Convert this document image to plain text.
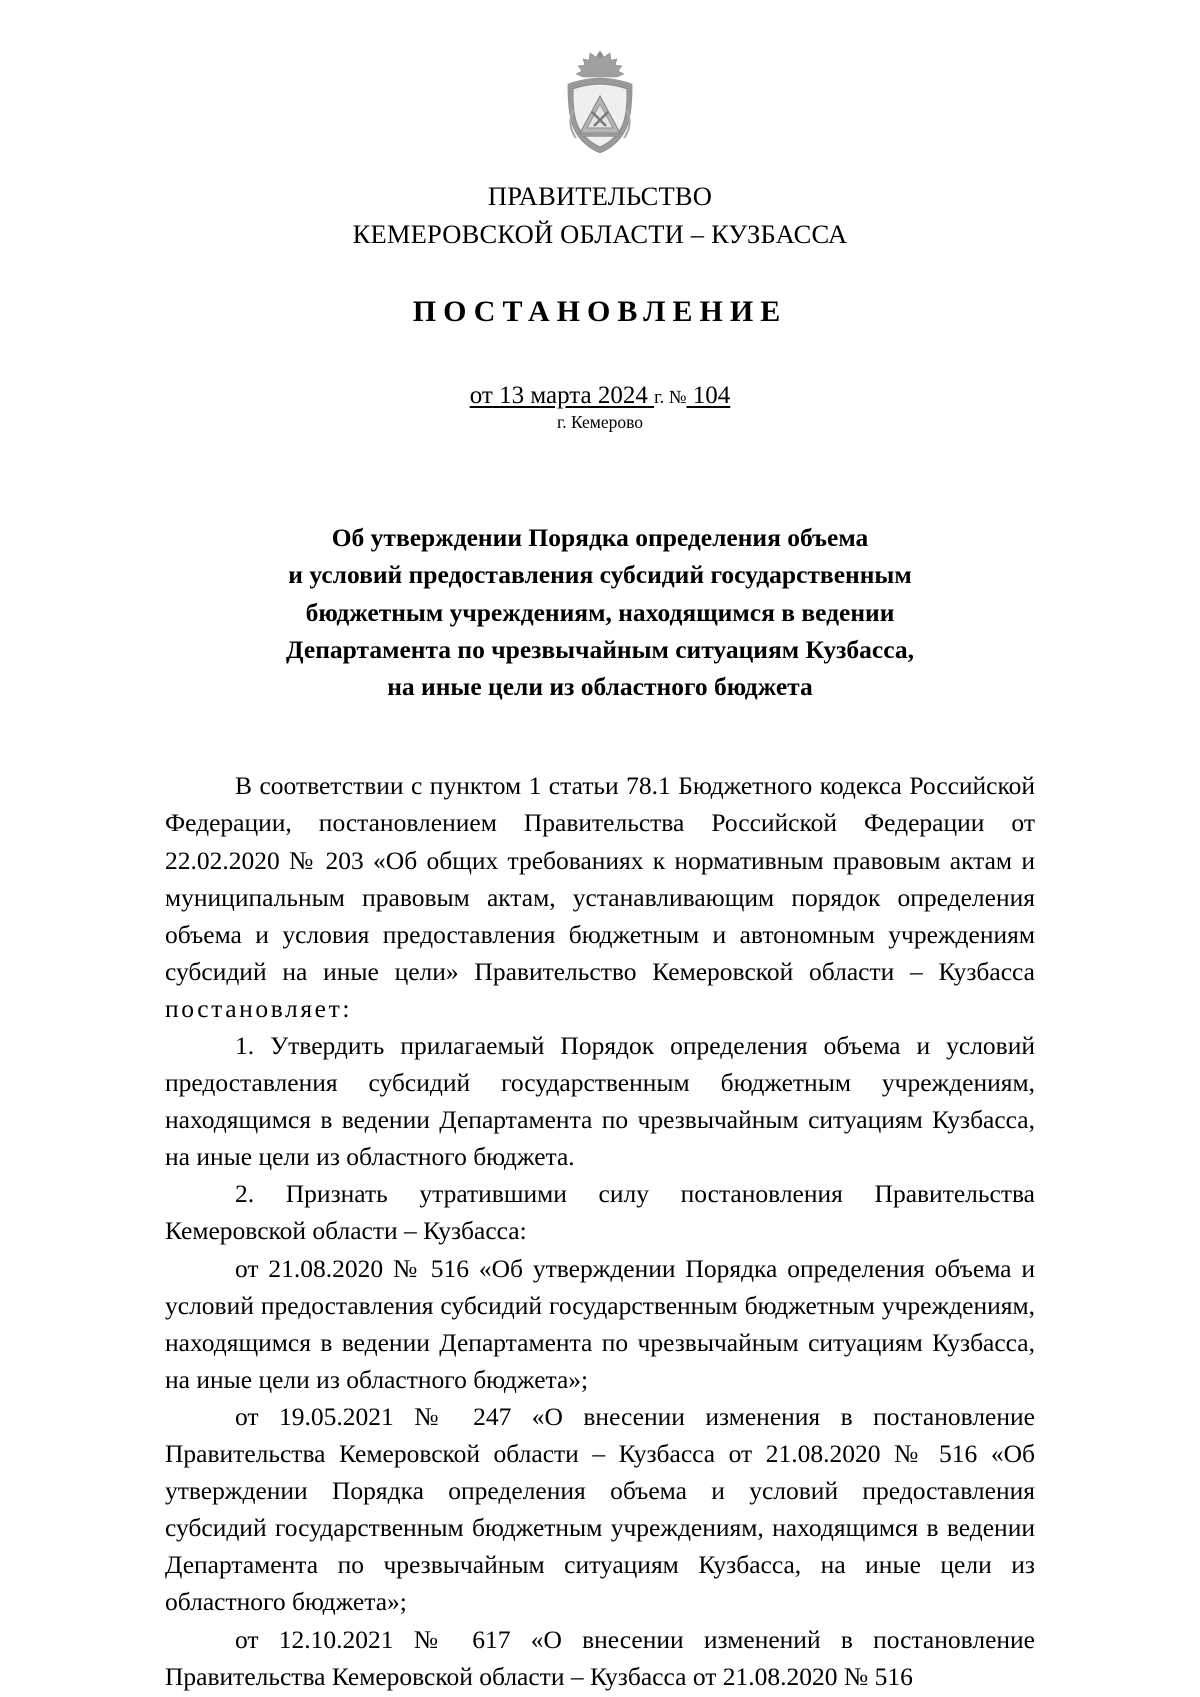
ПРАВИТЕЛЬСТВО
КЕМЕРОВСКОЙ ОБЛАСТИ – КУЗБАССА
ПОСТАНОВЛЕНИЕ
от 13 марта 2024 г. № 104
г. Кемерово
Об утверждении Порядка определения объема
и условий предоставления субсидий государственным
бюджетным учреждениям, находящимся в ведении
Департамента по чрезвычайным ситуациям Кузбасса,
на иные цели из областного бюджета

В соответствии с пунктом 1 статьи 78.1 Бюджетного кодекса Российской Федерации, постановлением Правительства Российской Федерации от 22.02.2020 № 203 «Об общих требованиях к нормативным правовым актам и муниципальным правовым актам, устанавливающим порядок определения объема и условия предоставления бюджетным и автономным учреждениям субсидий на иные цели» Правительство Кемеровской области – Кузбасса постановляет:

1. Утвердить прилагаемый Порядок определения объема и условий предоставления субсидий государственным бюджетным учреждениям, находящимся в ведении Департамента по чрезвычайным ситуациям Кузбасса, на иные цели из областного бюджета.

2. Признать утратившими силу постановления Правительства Кемеровской области – Кузбасса:

от 21.08.2020 № 516 «Об утверждении Порядка определения объема и условий предоставления субсидий государственным бюджетным учреждениям, находящимся в ведении Департамента по чрезвычайным ситуациям Кузбасса, на иные цели из областного бюджета»;

от 19.05.2021 № 247 «О внесении изменения в постановление Правительства Кемеровской области – Кузбасса от 21.08.2020 № 516 «Об утверждении Порядка определения объема и условий предоставления субсидий государственным бюджетным учреждениям, находящимся в ведении Департамента по чрезвычайным ситуациям Кузбасса, на иные цели из областного бюджета»;

от 12.10.2021 № 617 «О внесении изменений в постановление Правительства Кемеровской области – Кузбасса от 21.08.2020 № 516
